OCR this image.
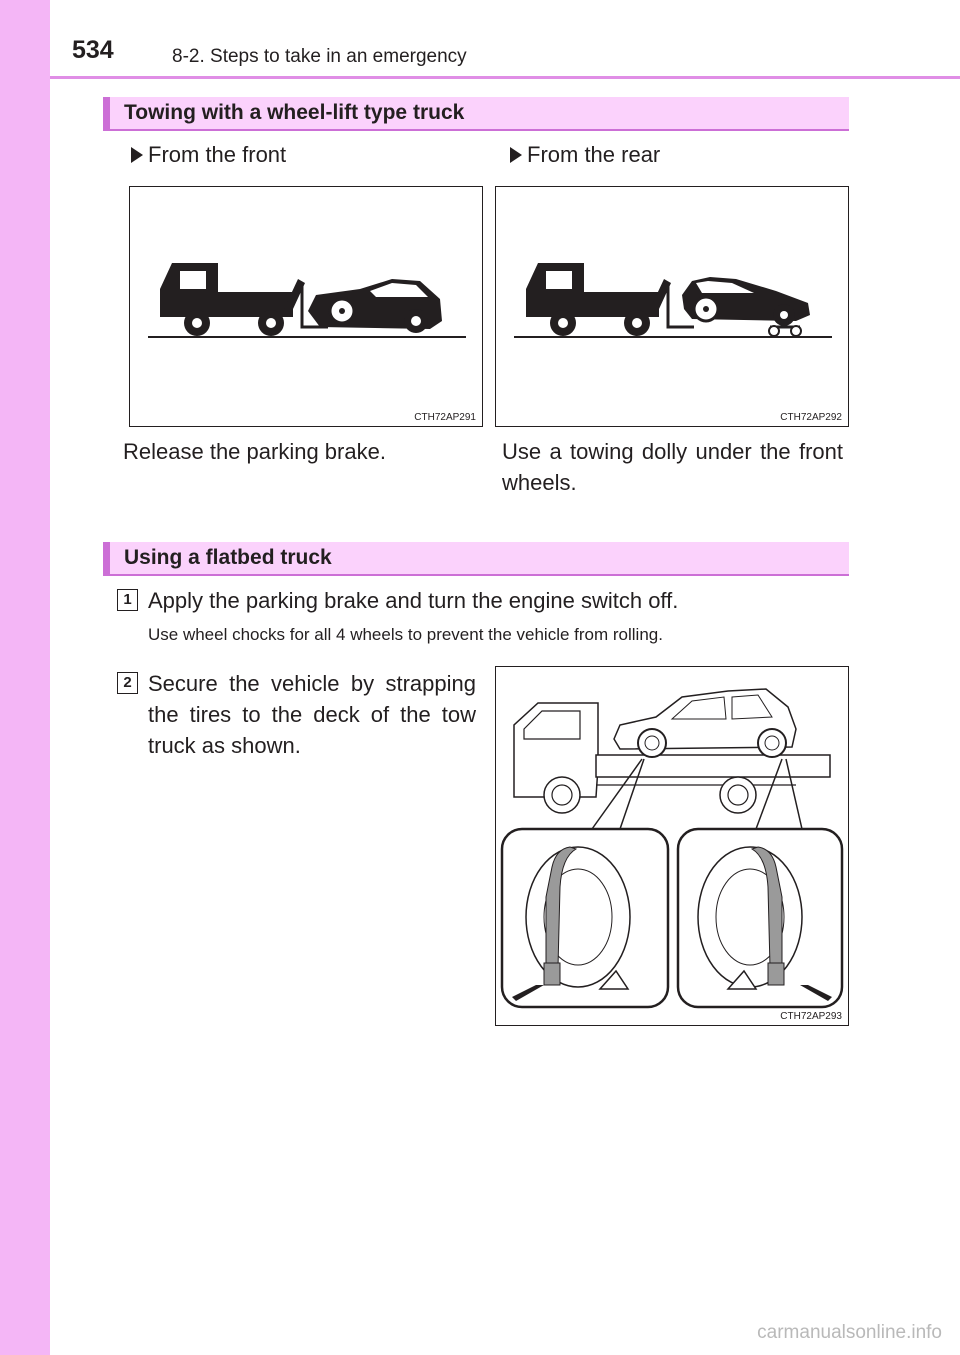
534	8-2. Steps to take in an emergency
Towing with a wheel-lift type truck
From the front	From the rear
CTH72AP291	CTH72AP292
Release the parking brake.	Use a towing dolly under the front wheels.
Using a flatbed truck
1 Apply the parking brake and turn the engine switch off.
Use wheel chocks for all 4 wheels to prevent the vehicle from rolling.
2 Secure the vehicle by strapping the tires to the deck of the tow truck as shown.
CTH72AP293
carmanualsonline.info
